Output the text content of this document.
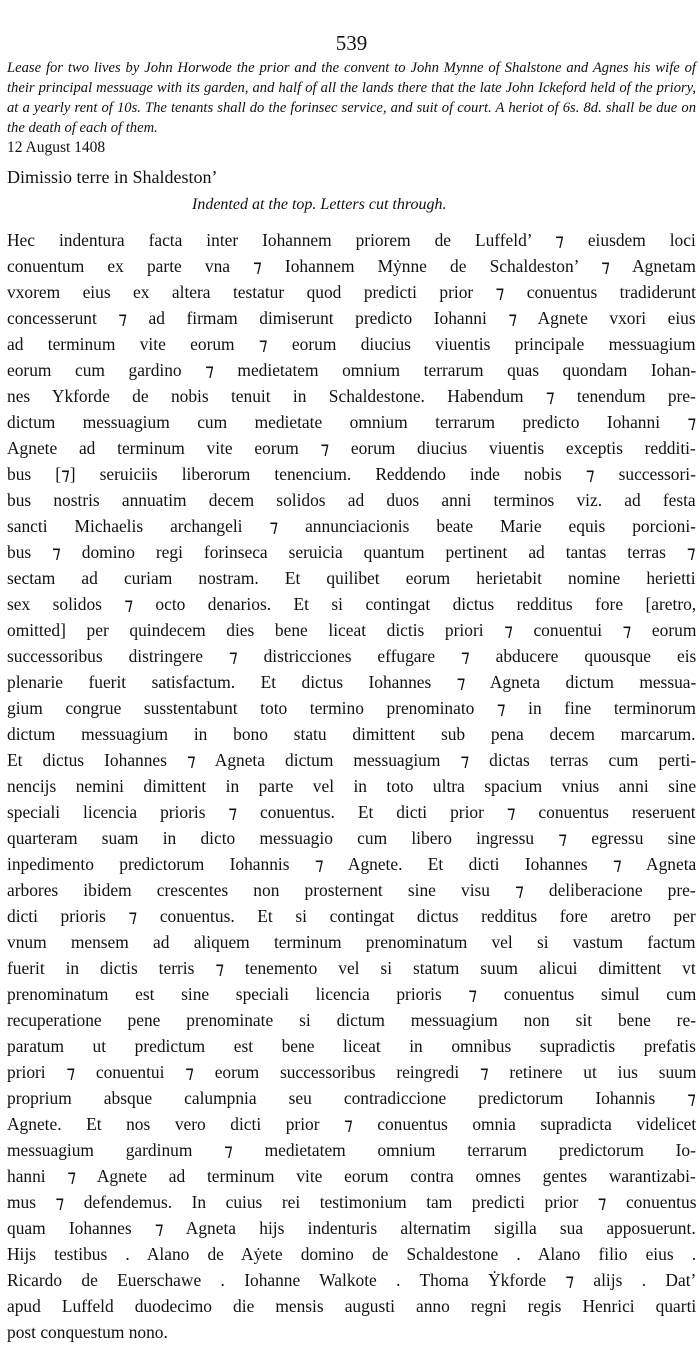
539

Lease for two lives by John Horwode the prior and the convent to John Mynne of Shalstone and Agnes his wife of their principal messuage with its garden, and half of all the lands there that the late John Ickeford held of the priory, at a yearly rent of 10s. The tenants shall do the forinsec service, and suit of court. A heriot of 6s. 8d. shall be due on the death of each of them.

12 August 1408

Dimissio terre in Shaldeston’
Indented at the top. Letters cut through.
Hec indentura facta inter Iohannem priorem de Luffeld’ ⁊ eiusdem loci
conuentum ex parte vna ⁊ Iohannem Mẏnne de Schaldeston’ ⁊ Agnetam
vxorem eius ex altera testatur quod predicti prior ⁊ conuentus tradiderunt
concesserunt ⁊ ad firmam dimiserunt predicto Iohanni ⁊ Agnete vxori eius
ad terminum vite eorum ⁊ eorum diucius viuentis principale messuagium
eorum cum gardino ⁊ medietatem omnium terrarum quas quondam Iohan-
nes Ykforde de nobis tenuit in Schaldestone. Habendum ⁊ tenendum pre-
dictum messuagium cum medietate omnium terrarum predicto Iohanni ⁊
Agnete ad terminum vite eorum ⁊ eorum diucius viuentis exceptis redditi-
bus [⁊] seruiciis liberorum tenencium. Reddendo inde nobis ⁊ successori-
bus nostris annuatim decem solidos ad duos anni terminos viz. ad festa
sancti Michaelis archangeli ⁊ annunciacionis beate Marie equis porcioni-
bus ⁊ domino regi forinseca seruicia quantum pertinent ad tantas terras ⁊
sectam ad curiam nostram. Et quilibet eorum herietabit nomine herietti
sex solidos ⁊ octo denarios. Et si contingat dictus redditus fore [aretro,
omitted] per quindecem dies bene liceat dictis priori ⁊ conuentui ⁊ eorum
successoribus distringere ⁊ districciones effugare ⁊ abducere quousque eis
plenarie fuerit satisfactum. Et dictus Iohannes ⁊ Agneta dictum messua-
gium congrue susstentabunt toto termino prenominato ⁊ in fine terminorum
dictum messuagium in bono statu dimittent sub pena decem marcarum.
Et dictus Iohannes ⁊ Agneta dictum messuagium ⁊ dictas terras cum perti-
nencijs nemini dimittent in parte vel in toto ultra spacium vnius anni sine
speciali licencia prioris ⁊ conuentus. Et dicti prior ⁊ conuentus reseruent
quarteram suam in dicto messuagio cum libero ingressu ⁊ egressu sine
inpedimento predictorum Iohannis ⁊ Agnete. Et dicti Iohannes ⁊ Agneta
arbores ibidem crescentes non prosternent sine visu ⁊ deliberacione pre-
dicti prioris ⁊ conuentus. Et si contingat dictus redditus fore aretro per
vnum mensem ad aliquem terminum prenominatum vel si vastum factum
fuerit in dictis terris ⁊ tenemento vel si statum suum alicui dimittent vt
prenominatum est sine speciali licencia prioris ⁊ conuentus simul cum
recuperatione pene prenominate si dictum messuagium non sit bene re-
paratum ut predictum est bene liceat in omnibus supradictis prefatis
priori ⁊ conuentui ⁊ eorum successoribus reingredi ⁊ retinere ut ius suum
proprium absque calumpnia seu contradiccione predictorum Iohannis ⁊
Agnete. Et nos vero dicti prior ⁊ conuentus omnia supradicta videlicet
messuagium gardinum ⁊ medietatem omnium terrarum predictorum Io-
hanni ⁊ Agnete ad terminum vite eorum contra omnes gentes warantizabi-
mus ⁊ defendemus. In cuius rei testimonium tam predicti prior ⁊ conuentus
quam Iohannes ⁊ Agneta hijs indenturis alternatim sigilla sua apposuerunt.
Hijs testibus . Alano de Aẏete domino de Schaldestone . Alano filio eius .
Ricardo de Euerschawe . Iohanne Walkote . Thoma Ẏkforde ⁊ alijs . Dat’
apud Luffeld duodecimo die mensis augusti anno regni regis Henrici quarti
post conquestum nono.
